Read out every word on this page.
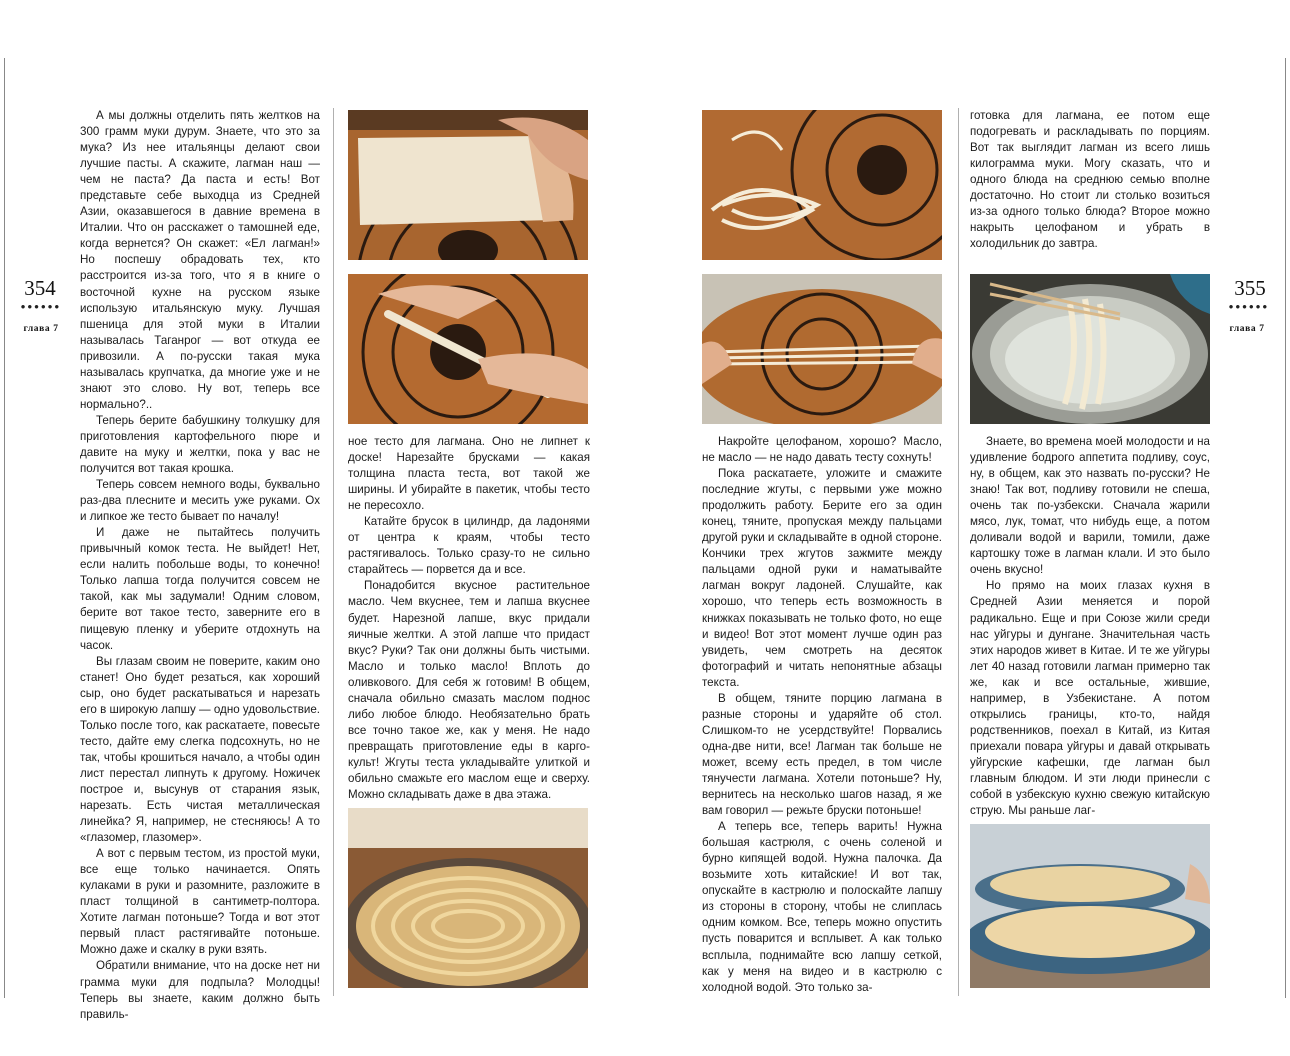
354
••••••
глава 7
355
••••••
глава 7

А мы должны отделить пять желтков на 300 грамм муки дурум. Знаете, что это за мука? Из нее итальянцы делают свои лучшие пасты. А скажите, лагман наш — чем не паста? Да паста и есть! Вот представьте себе выходца из Средней Азии, оказавшегося в давние времена в Италии. Что он расскажет о тамошней еде, когда вернется? Он скажет: «Ел лагман!» Но поспешу обрадовать тех, кто расстроится из-за того, что я в книге о восточной кухне на русском языке использую итальянскую муку. Лучшая пшеница для этой муки в Италии называлась Таганрог — вот откуда ее привозили. А по-русски такая мука называлась крупчатка, да многие уже и не знают это слово. Ну вот, теперь все нормально?..

Теперь берите бабушкину толкушку для приготовления картофельного пюре и давите на муку и желтки, пока у вас не получится вот такая крошка.

Теперь совсем немного воды, буквально раз-два плесните и месить уже руками. Ох и липкое же тесто бывает по началу!

И даже не пытайтесь получить привычный комок теста. Не выйдет! Нет, если налить побольше воды, то конечно! Только лапша тогда получится совсем не такой, как мы задумали! Одним словом, берите вот такое тесто, заверните его в пищевую пленку и уберите отдохнуть на часок.

Вы глазам своим не поверите, каким оно станет! Оно будет резаться, как хороший сыр, оно будет раскатываться и нарезать его в широкую лапшу — одно удовольствие. Только после того, как раскатаете, повесьте тесто, дайте ему слегка подсохнуть, но не так, чтобы крошиться начало, а чтобы один лист перестал липнуть к другому. Ножичек построе и, высунув от старания язык, нарезать. Есть чистая металлическая линейка? Я, например, не стесняюсь! А то «глазомер, глазомер».

А вот с первым тестом, из простой муки, все еще только начинается. Опять кулаками в руки и разомните, разложите в пласт толщиной в сантиметр-полтора. Хотите лагман потоньше? Тогда и вот этот первый пласт растягивайте потоньше. Можно даже и скалку в руки взять.

Обратили внимание, что на доске нет ни грамма муки для подпыла? Молодцы! Теперь вы знаете, каким должно быть правиль-

ное тесто для лагмана. Оно не липнет к доске! Нарезайте брусками — какая толщина пласта теста, вот такой же ширины. И убирайте в пакетик, чтобы тесто не пересохло.

Катайте брусок в цилиндр, да ладонями от центра к краям, чтобы тесто растягивалось. Только сразу-то не сильно старайтесь — порвется да и все.

Понадобится вкусное растительное масло. Чем вкуснее, тем и лапша вкуснее будет. Нарезной лапше, вкус придали яичные желтки. А этой лапше что придаст вкус? Руки? Так они должны быть чистыми. Масло и только масло! Вплоть до оливкового. Для себя ж готовим! В общем, сначала обильно смазать маслом поднос либо любое блюдо. Необязательно брать все точно такое же, как у меня. Не надо превращать приготовление еды в карго-культ! Жгуты теста укладывайте улиткой и обильно смажьте его маслом еще и сверху. Можно складывать даже в два этажа.

Накройте целофаном, хорошо? Масло, не масло — не надо давать тесту сохнуть!

Пока раскатаете, уложите и смажите последние жгуты, с первыми уже можно продолжить работу. Берите его за один конец, тяните, пропуская между пальцами другой руки и складывайте в одной стороне. Кончики трех жгутов зажмите между пальцами одной руки и наматывайте лагман вокруг ладоней. Слушайте, как хорошо, что теперь есть возможность в книжках показывать не только фото, но еще и видео! Вот этот момент лучше один раз увидеть, чем смотреть на десяток фотографий и читать непонятные абзацы текста.

В общем, тяните порцию лагмана в разные стороны и ударяйте об стол. Слишком-то не усердствуйте! Порвались одна-две нити, все! Лагман так больше не может, всему есть предел, в том числе тянучести лагмана. Хотели потоньше? Ну, вернитесь на несколько шагов назад, я же вам говорил — режьте бруски потоньше!

А теперь все, теперь варить! Нужна большая кастрюля, с очень соленой и бурно кипящей водой. Нужна палочка. Да возьмите хоть китайские! И вот так, опускайте в кастрюлю и полоскайте лапшу из стороны в сторону, чтобы не слиплась одним комком. Все, теперь можно опустить пусть поварится и всплывет. А как только всплыла, поднимайте всю лапшу сеткой, как у меня на видео и в кастрюлю с холодной водой. Это только за-

готовка для лагмана, ее потом еще подогревать и раскладывать по порциям. Вот так выглядит лагман из всего лишь килограмма муки. Могу сказать, что и одного блюда на среднюю семью вполне достаточно. Но стоит ли столько возиться из-за одного только блюда? Второе можно накрыть целофаном и убрать в холодильник до завтра.

Знаете, во времена моей молодости и на удивление бодрого аппетита подливу, соус, ну, в общем, как это назвать по-русски? Не знаю! Так вот, подливу готовили не спеша, очень так по-узбекски. Сначала жарили мясо, лук, томат, что нибудь еще, а потом доливали водой и варили, томили, даже картошку тоже в лагман клали. И это было очень вкусно!

Но прямо на моих глазах кухня в Средней Азии меняется и порой радикально. Еще и при Союзе жили среди нас уйгуры и дунгане. Значительная часть этих народов живет в Китае. И те же уйгуры лет 40 назад готовили лагман примерно так же, как и все остальные, жившие, например, в Узбекистане. А потом открылись границы, кто-то, найдя родственников, поехал в Китай, из Китая приехали повара уйгуры и давай открывать уйгурские кафешки, где лагман был главным блюдом. И эти люди принесли с собой в узбекскую кухню свежую китайскую струю. Мы раньше лаг-
